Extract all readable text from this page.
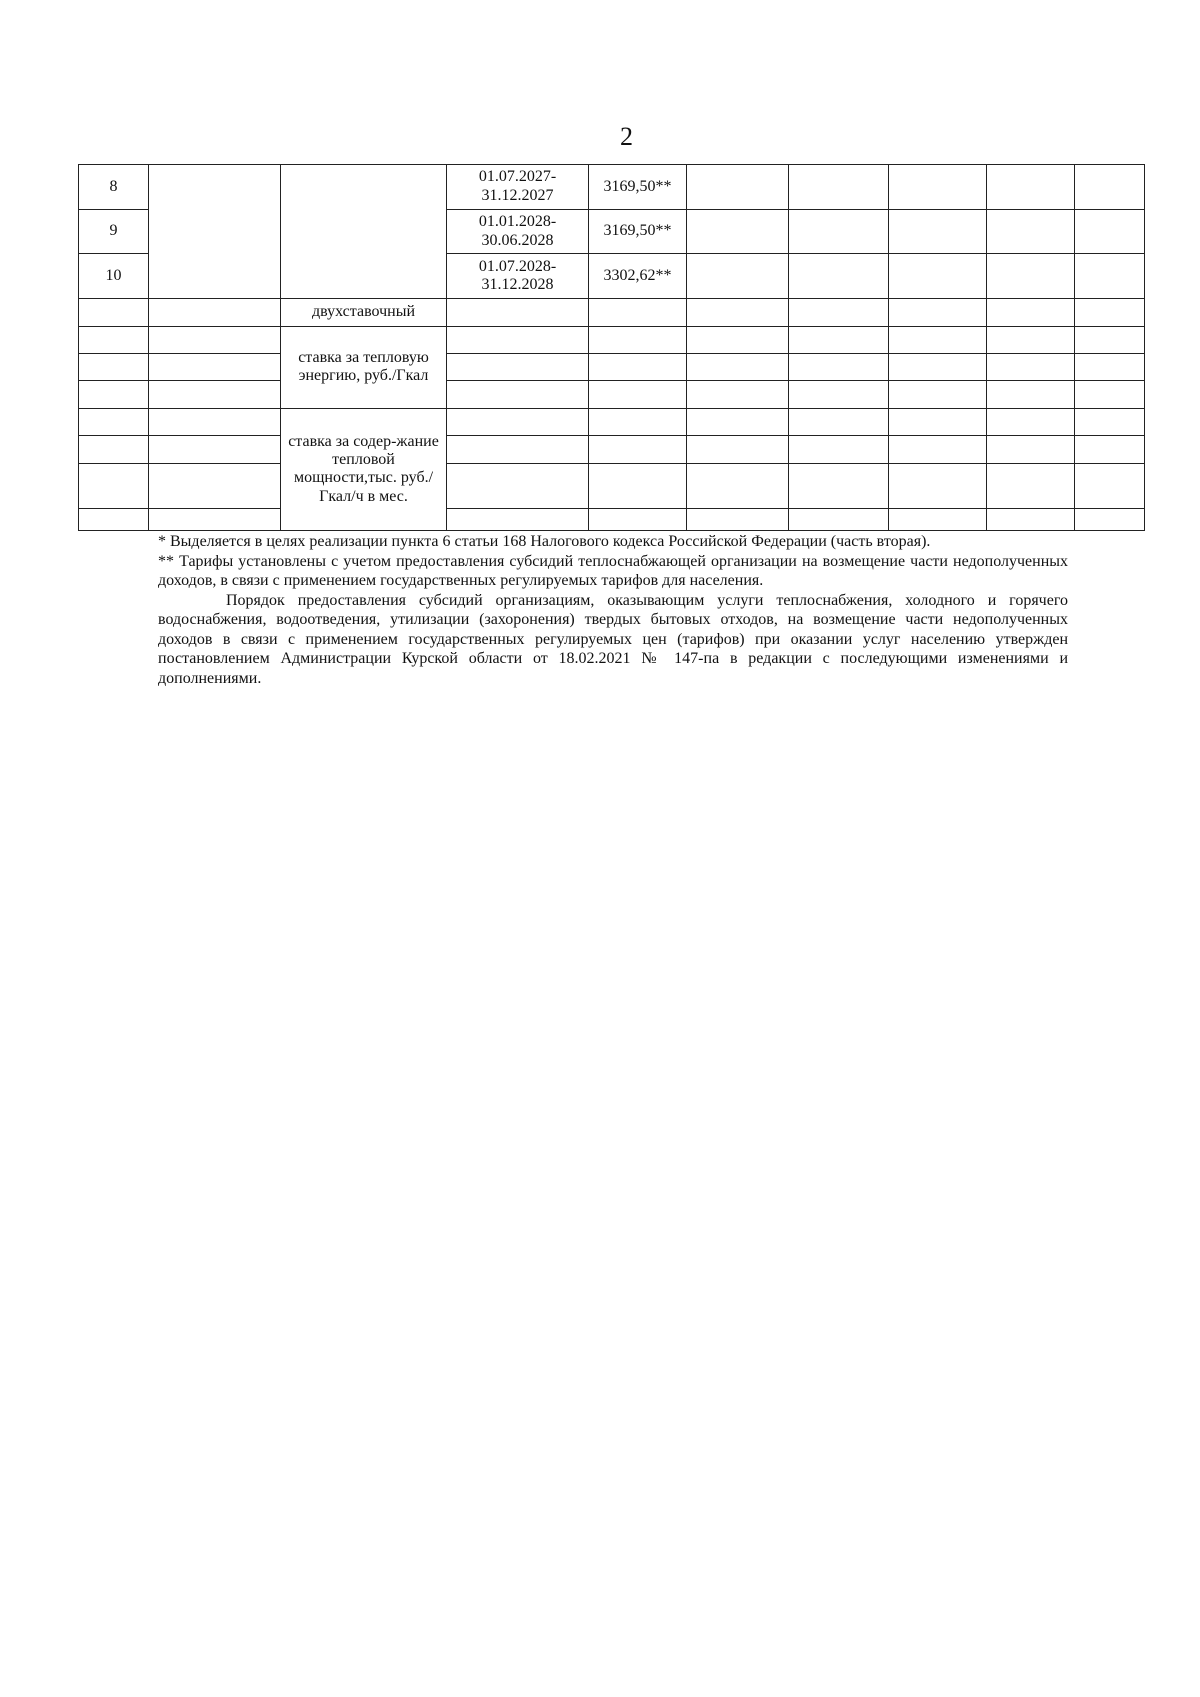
2
8			01.07.2027-
31.12.2027	3169,50**					
9			01.01.2028-
30.06.2028	3169,50**					
10			01.07.2028-
31.12.2028	3302,62**					
		двухставочный							
		ставка за тепловую энергию, руб./Гкал							

		ставка за содер-жание тепловой мощности,тыс. руб./Гкал/ч в мес.							

* Выделяется в целях реализации пункта 6 статьи 168 Налогового кодекса Российской Федерации (часть вторая).

** Тарифы установлены с учетом предоставления субсидий теплоснабжающей организации на возмещение части недополученных доходов, в связи с применением государственных регулируемых тарифов для населения.

Порядок предоставления субсидий организациям, оказывающим услуги теплоснабжения, холодного и горячего водоснабжения, водоотведения, утилизации (захоронения) твердых бытовых отходов, на возмещение части недополученных доходов в связи с применением государственных регулируемых цен (тарифов) при оказании услуг населению утвержден постановлением Администрации Курской области от 18.02.2021 № 147-па в редакции с последующими изменениями и дополнениями.
